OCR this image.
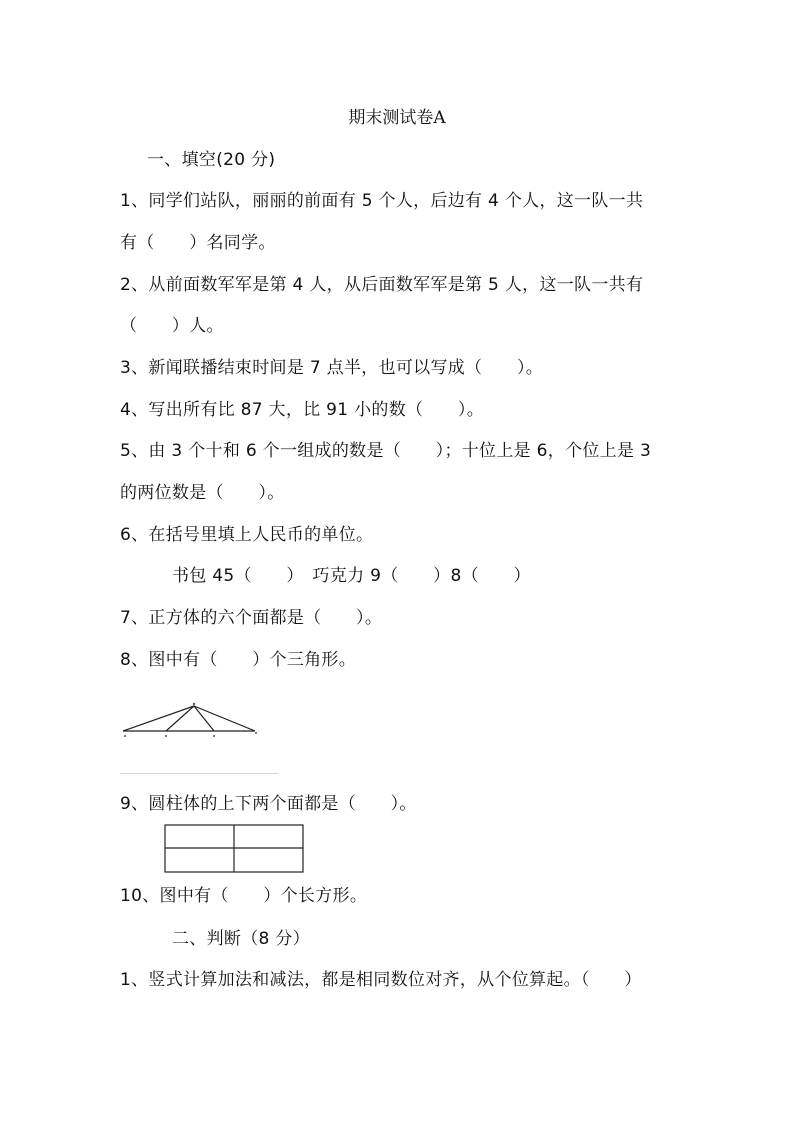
期末测试卷A
一、填空(20 分)
1、同学们站队，丽丽的前面有 5 个人，后边有 4 个人，这一队一共
有（　　）名同学。
2、从前面数军军是第 4 人，从后面数军军是第 5 人，这一队一共有
（　　）人。
3、新闻联播结束时间是 7 点半，也可以写成（　　）。
4、写出所有比 87 大，比 91 小的数（　　）。
5、由 3 个十和 6 个一组成的数是（　　）；十位上是 6，个位上是 3
的两位数是（　　）。
6、在括号里填上人民币的单位。
书包 45（　　）　巧克力 9（　　）8（　　）
7、正方体的六个面都是（　　）。
8、图中有（　　）个三角形。
9、圆柱体的上下两个面都是（　　）。
10、图中有（　　）个长方形。
二、判断（8 分）
1、竖式计算加法和减法，都是相同数位对齐，从个位算起。（　　）
